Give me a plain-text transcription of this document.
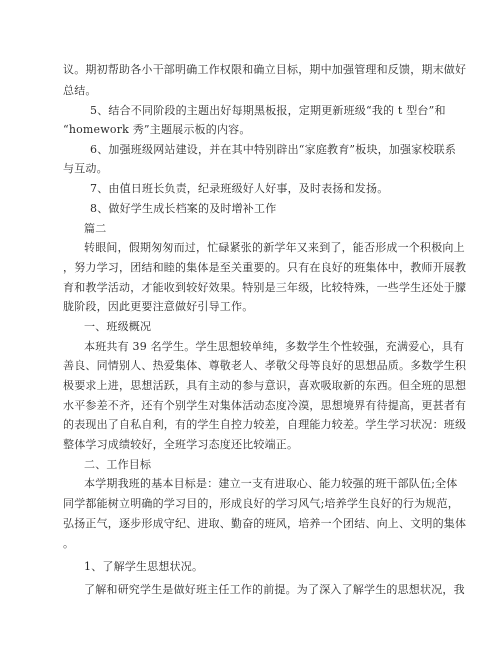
议。期初帮助各小干部明确工作权限和确立目标，期中加强管理和反馈，期末做好
总结。
5、结合不同阶段的主题出好每期黑板报，定期更新班级“我的 t 型台”和
“homework 秀”主题展示板的内容。
6、加强班级网站建设，并在其中特别辟出“家庭教育”板块，加强家校联系
与互动。
7、由值日班长负责，纪录班级好人好事，及时表扬和发扬。
8、做好学生成长档案的及时增补工作
篇二
转眼间，假期匆匆而过，忙碌紧张的新学年又来到了，能否形成一个积极向上
，努力学习，团结和睦的集体是至关重要的。只有在良好的班集体中，教师开展教
育和教学活动，才能收到较好效果。特别是三年级，比较特殊，一些学生还处于朦
胧阶段，因此更要注意做好引导工作。
一、班级概况
本班共有 39 名学生。学生思想较单纯，多数学生个性较强，充满爱心，具有
善良、同情别人、热爱集体、尊敬老人、孝敬父母等良好的思想品质。多数学生积
极要求上进，思想活跃，具有主动的参与意识，喜欢吸取新的东西。但全班的思想
水平参差不齐，还有个别学生对集体活动态度冷漠，思想境界有待提高，更甚者有
的表现出了自私自利，有的学生自控力较差，自理能力较差。学生学习状况：班级
整体学习成绩较好，全班学习态度还比较端正。
二、工作目标
本学期我班的基本目标是：建立一支有进取心、能力较强的班干部队伍;全体
同学都能树立明确的学习目的，形成良好的学习风气;培养学生良好的行为规范，
弘扬正气，逐步形成守纪、进取、勤奋的班风，培养一个团结、向上、文明的集体
。
1、了解学生思想状况。
了解和研究学生是做好班主任工作的前提。为了深入了解学生的思想状况，我
